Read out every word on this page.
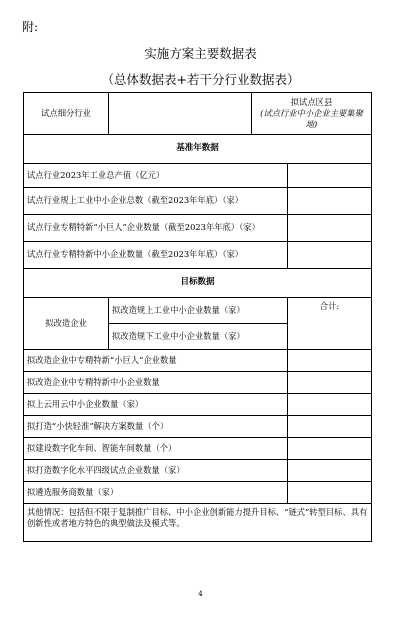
附:
实施方案主要数据表
（总体数据表+若干分行业数据表）
试点细分行业		拟试点区县
(试点行业中小企业主要集聚地)	

基准年数据			
试点行业2023年工业总产值（亿元）			
试点行业规上工业中小企业总数（截至2023年年底）（家）			
试点行业专精特新“小巨人”企业数量（截至2023年年底）（家）			
试点行业专精特新中小企业数量（截至2023年年底）（家）			
目标数据			
拟改造企业	拟改造规上工业中小企业数量（家）		合计:
	拟改造规下工业中小企业数量（家）		
拟改造企业中专精特新“小巨人”企业数量			
拟改造企业中专精特新中小企业数量			
拟上云用云中小企业数量（家）			
拟打造“小快轻准”解决方案数量（个）			
拟建设数字化车间、智能车间数量（个）			
拟打造数字化水平四级试点企业数量（家）			
拟遴选服务商数量（家）			
其他情况：包括但不限于复制推广目标、中小企业创新能力提升目标、“链式”转型目标、具有创新性或者地方特色的典型做法及模式等。			
4
